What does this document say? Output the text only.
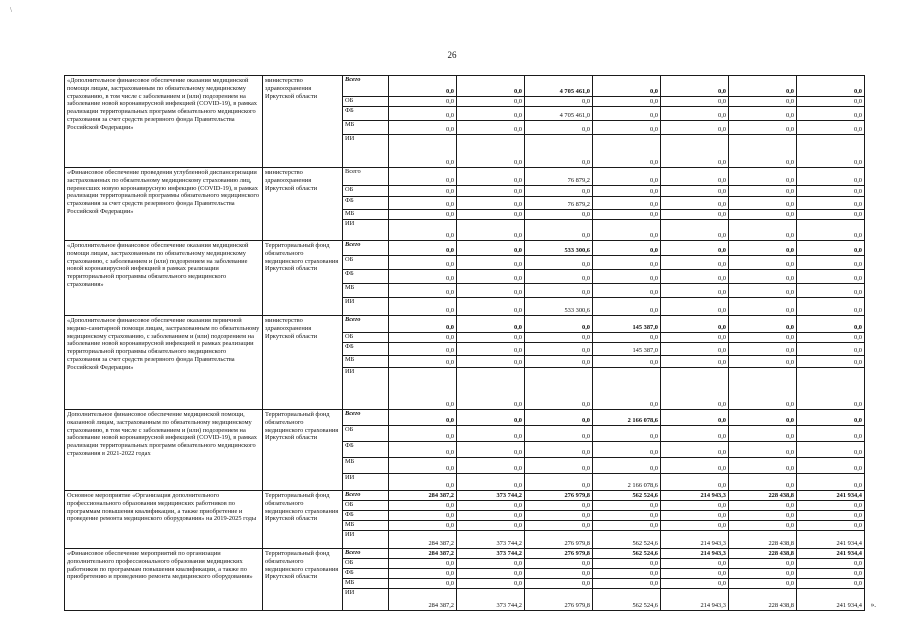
\
26
«Дополнительное финансовое обеспечение оказания медицинской помощи лицам, застрахованным по обязательному медицинскому страхованию, в том числе с заболеванием и (или) подозрением на заболевание новой коронавирусной инфекцией (COVID-19), в рамках реализации территориальных программ обязательного медицинского страхования за счет средств резервного фонда Правительства Российской Федерации»	министерство здравоохранения Иркутской области	Всего	0,0	0,0	4 705 461,0	0,0	0,0	0,0	0,0
		ОБ	0,0	0,0	0,0	0,0	0,0	0,0	0,0
		ФБ	0,0	0,0	4 705 461,0	0,0	0,0	0,0	0,0
		МБ	0,0	0,0	0,0	0,0	0,0	0,0	0,0
		ИИ	0,0	0,0	0,0	0,0	0,0	0,0	0,0
«Финансовое обеспечение проведения углубленной диспансеризации застрахованных по обязательному медицинскому страхованию лиц, перенесших новую коронавирусную инфекцию (COVID-19), в рамках реализации территориальной программы обязательного медицинского страхования за счет средств резервного фонда Правительства Российской Федерации»	министерство здравоохранения Иркутской области	Всего	0,0	0,0	76 879,2	0,0	0,0	0,0	0,0
		ОБ	0,0	0,0	0,0	0,0	0,0	0,0	0,0
		ФБ	0,0	0,0	76 879,2	0,0	0,0	0,0	0,0
		МБ	0,0	0,0	0,0	0,0	0,0	0,0	0,0
		ИИ	0,0	0,0	0,0	0,0	0,0	0,0	0,0
«Дополнительное финансовое обеспечение оказания медицинской помощи лицам, застрахованным по обязательному медицинскому страхованию, с заболеванием и (или) подозрением на заболевание новой коронавирусной инфекцией в рамках реализации территориальной программы обязательного медицинского страхования»	Территориальный фонд обязательного медицинского страхования Иркутской области	Всего	0,0	0,0	533 300,6	0,0	0,0	0,0	0,0
		ОБ	0,0	0,0	0,0	0,0	0,0	0,0	0,0
		ФБ	0,0	0,0	0,0	0,0	0,0	0,0	0,0
		МБ	0,0	0,0	0,0	0,0	0,0	0,0	0,0
		ИИ	0,0	0,0	533 300,6	0,0	0,0	0,0	0,0
«Дополнительное финансовое обеспечение оказания первичной медико-санитарной помощи лицам, застрахованным по обязательному медицинскому страхованию, с заболеванием и (или) подозрением на заболевание новой коронавирусной инфекцией в рамках реализации территориальной программы обязательного медицинского страхования за счет средств резервного фонда Правительства Российской Федерации»	министерство здравоохранения Иркутской области	Всего	0,0	0,0	0,0	145 387,0	0,0	0,0	0,0
		ОБ	0,0	0,0	0,0	0,0	0,0	0,0	0,0
		ФБ	0,0	0,0	0,0	145 387,0	0,0	0,0	0,0
		МБ	0,0	0,0	0,0	0,0	0,0	0,0	0,0
		ИИ	0,0	0,0	0,0	0,0	0,0	0,0	0,0
Дополнительное финансовое обеспечение медицинской помощи, оказанной лицам, застрахованным по обязательному медицинскому страхованию, в том числе с заболеванием и (или) подозрением на заболевание новой коронавирусной инфекцией (COVID-19), в рамках реализации территориальных программ обязательного медицинского страхования в 2021-2022 годах	Территориальный фонд обязательного медицинского страхования Иркутской области	Всего	0,0	0,0	0,0	2 166 078,6	0,0	0,0	0,0
		ОБ	0,0	0,0	0,0	0,0	0,0	0,0	0,0
		ФБ	0,0	0,0	0,0	0,0	0,0	0,0	0,0
		МБ	0,0	0,0	0,0	0,0	0,0	0,0	0,0
		ИИ	0,0	0,0	0,0	2 166 078,6	0,0	0,0	0,0
Основное мероприятие «Организация дополнительного профессионального образования медицинских работников по программам повышения квалификации, а также приобретение и проведение ремонта медицинского оборудования» на 2019-2025 годы	Территориальный фонд обязательного медицинского страхования Иркутской области	Всего	284 387,2	373 744,2	276 979,8	562 524,6	214 943,3	228 438,8	241 934,4
		ОБ	0,0	0,0	0,0	0,0	0,0	0,0	0,0
		ФБ	0,0	0,0	0,0	0,0	0,0	0,0	0,0
		МБ	0,0	0,0	0,0	0,0	0,0	0,0	0,0
		ИИ	284 387,2	373 744,2	276 979,8	562 524,6	214 943,3	228 438,8	241 934,4
«Финансовое обеспечение мероприятий по организации дополнительного профессионального образования медицинских работников по программам повышения квалификации, а также по приобретению и проведению ремонта медицинского оборудования»	Территориальный фонд обязательного медицинского страхования Иркутской области	Всего	284 387,2	373 744,2	276 979,8	562 524,6	214 943,3	228 438,8	241 934,4
		ОБ	0,0	0,0	0,0	0,0	0,0	0,0	0,0
		ФБ	0,0	0,0	0,0	0,0	0,0	0,0	0,0
		МБ	0,0	0,0	0,0	0,0	0,0	0,0	0,0
		ИИ	284 387,2	373 744,2	276 979,8	562 524,6	214 943,3	228 438,8	241 934,4 ».
